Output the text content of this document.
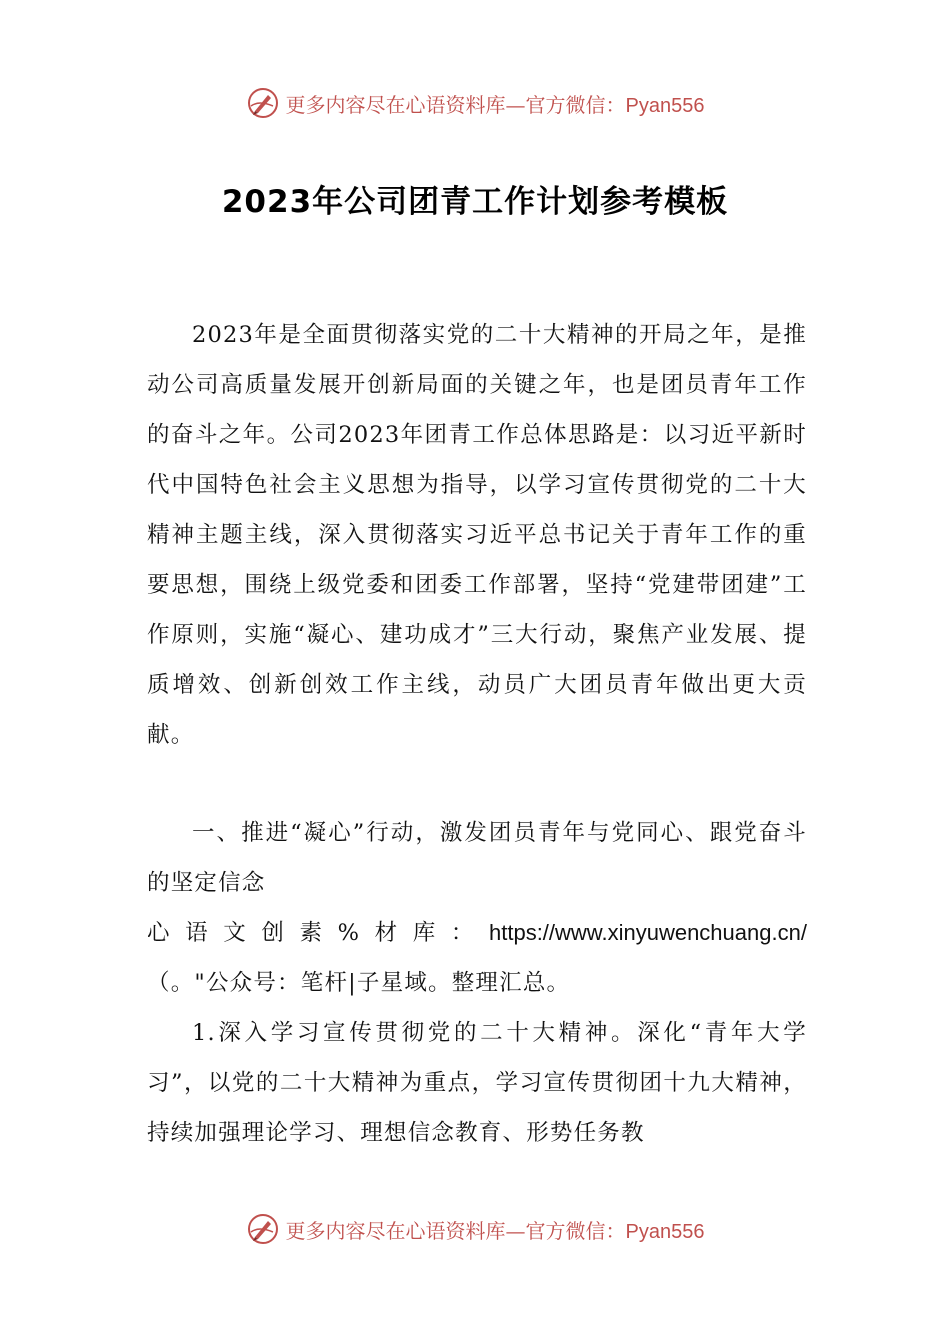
更多内容尽在心语资料库—官方微信：Pyan556
2023年公司团青工作计划参考模板

2023年是全面贯彻落实党的二十大精神的开局之年，是推动公司高质量发展开创新局面的关键之年，也是团员青年工作的奋斗之年。公司2023年团青工作总体思路是：以习近平新时代中国特色社会主义思想为指导，以学习宣传贯彻党的二十大精神主题主线，深入贯彻落实习近平总书记关于青年工作的重要思想，围绕上级党委和团委工作部署，坚持“党建带团建”工作原则，实施“凝心、建功成才”三大行动，聚焦产业发展、提质增效、创新创效工作主线，动员广大团员青年做出更大贡献。

一、推进“凝心”行动，激发团员青年与党同心、跟党奋斗的坚定信念

心 语 文 创 素 % 材 库 ： https://www.xinyuwenchuang.cn/
（。"公众号：笔杆|子星域。整理汇总。

1.深入学习宣传贯彻党的二十大精神。深化“青年大学习”，以党的二十大精神为重点，学习宣传贯彻团十九大精神，持续加强理论学习、理想信念教育、形势任务教

更多内容尽在心语资料库—官方微信：Pyan556
